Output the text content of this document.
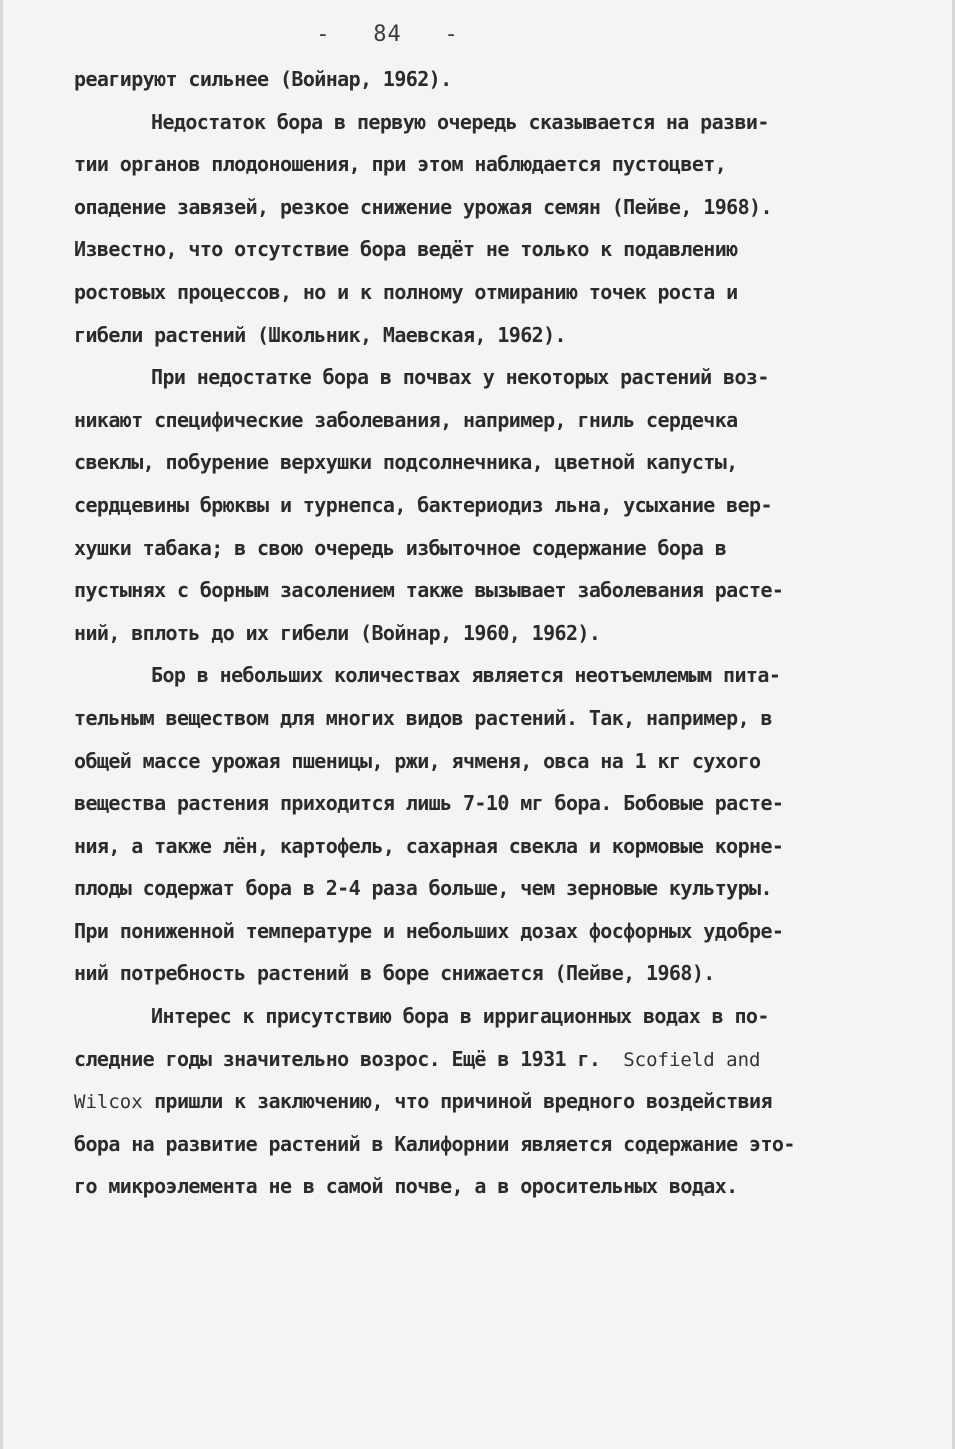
-   84   -
реагируют сильнее (Войнар, 1962).
Недостаток бора в первую очередь сказывается на разви-
тии органов плодоношения, при этом наблюдается пустоцвет,
опадение завязей, резкое снижение урожая семян (Пейве, 1968).
Известно, что отсутствие бора ведёт не только к подавлению
ростовых процессов, но и к полному отмиранию точек роста и
гибели растений (Школьник, Маевская, 1962).
При недостатке бора в почвах у некоторых растений воз-
никают специфические заболевания, например, гниль сердечка
свеклы, побурение верхушки подсолнечника, цветной капусты,
сердцевины брюквы и турнепса, бактериодиз льна, усыхание вер-
хушки табака; в свою очередь избыточное содержание бора в
пустынях с борным засолением также вызывает заболевания расте-
ний, вплоть до их гибели (Войнар, 1960, 1962).
Бор в небольших количествах является неотъемлемым пита-
тельным веществом для многих видов растений. Так, например, в
общей массе урожая пшеницы, ржи, ячменя, овса на 1 кг сухого
вещества растения приходится лишь 7-10 мг бора. Бобовые расте-
ния, а также лён, картофель, сахарная свекла и кормовые корне-
плоды содержат бора в 2-4 раза больше, чем зерновые культуры.
При пониженной температуре и небольших дозах фосфорных удобре-
ний потребность растений в боре снижается (Пейве, 1968).
Интерес к присутствию бора в ирригационных водах в по-
следние годы значительно возрос. Ещё в 1931 г. Scofield and
Wilcox пришли к заключению, что причиной вредного воздействия
бора на развитие растений в Калифорнии является содержание это-
го микроэлемента не в самой почве, а в оросительных водах.
